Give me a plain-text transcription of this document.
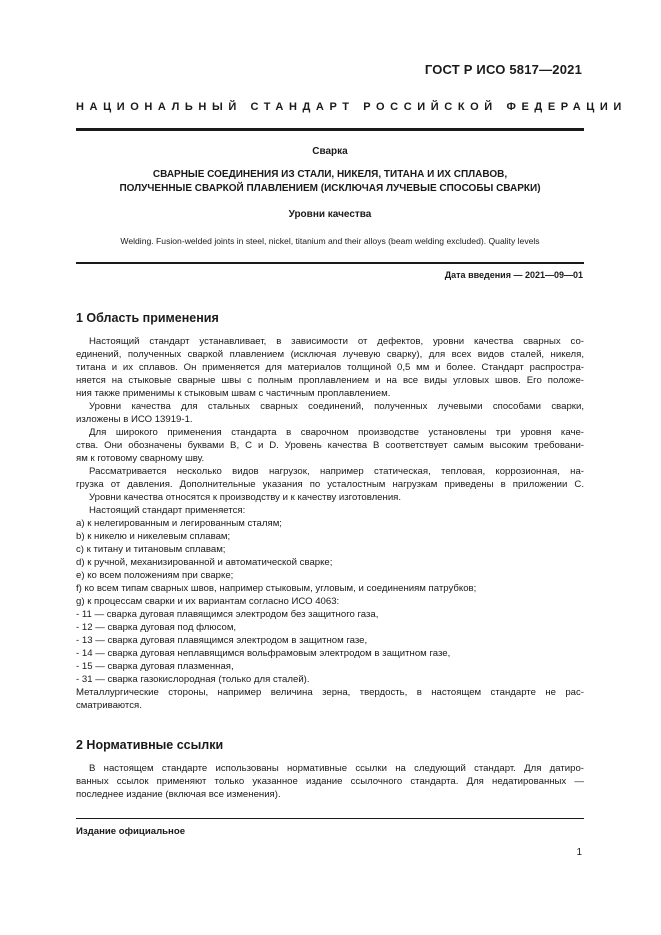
ГОСТ Р ИСО 5817—2021
НАЦИОНАЛЬНЫЙ СТАНДАРТ РОССИЙСКОЙ ФЕДЕРАЦИИ
Сварка
СВАРНЫЕ СОЕДИНЕНИЯ ИЗ СТАЛИ, НИКЕЛЯ, ТИТАНА И ИХ СПЛАВОВ,
ПОЛУЧЕННЫЕ СВАРКОЙ ПЛАВЛЕНИЕМ (ИСКЛЮЧАЯ ЛУЧЕВЫЕ СПОСОБЫ СВАРКИ)
Уровни качества
Welding. Fusion-welded joints in steel, nickel, titanium and their alloys (beam welding excluded). Quality levels
Дата введения — 2021—09—01
1 Область применения
Настоящий стандарт устанавливает, в зависимости от дефектов, уровни качества сварных со-
единений, полученных сваркой плавлением (исключая лучевую сварку), для всех видов сталей, никеля,
титана и их сплавов. Он применяется для материалов толщиной 0,5 мм и более. Стандарт распростра-
няется на стыковые сварные швы с полным проплавлением и на все виды угловых швов. Его положе-
ния также применимы к стыковым швам с частичным проплавлением.
Уровни качества для стальных сварных соединений, полученных лучевыми способами сварки,
изложены в ИСО 13919-1.
Для широкого применения стандарта в сварочном производстве установлены три уровня каче-
ства. Они обозначены буквами B, C и D. Уровень качества B соответствует самым высоким требовани-
ям к готовому сварному шву.
Рассматривается несколько видов нагрузок, например статическая, тепловая, коррозионная, на-
грузка от давления. Дополнительные указания по усталостным нагрузкам приведены в приложении C.
Уровни качества относятся к производству и к качеству изготовления.
Настоящий стандарт применяется:
a) к нелегированным и легированным сталям;
b) к никелю и никелевым сплавам;
c) к титану и титановым сплавам;
d) к ручной, механизированной и автоматической сварке;
e) ко всем положениям при сварке;
f) ко всем типам сварных швов, например стыковым, угловым, и соединениям патрубков;
g) к процессам сварки и их вариантам согласно ИСО 4063:
- 11 — сварка дуговая плавящимся электродом без защитного газа,
- 12 — сварка дуговая под флюсом,
- 13 — сварка дуговая плавящимся электродом в защитном газе,
- 14 — сварка дуговая неплавящимся вольфрамовым электродом в защитном газе,
- 15 — сварка дуговая плазменная,
- 31 — сварка газокислородная (только для сталей).
Металлургические стороны, например величина зерна, твердость, в настоящем стандарте не рас-
сматриваются.
2 Нормативные ссылки
В настоящем стандарте использованы нормативные ссылки на следующий стандарт. Для датиро-
ванных ссылок применяют только указанное издание ссылочного стандарта. Для недатированных —
последнее издание (включая все изменения).
Издание официальное
1
